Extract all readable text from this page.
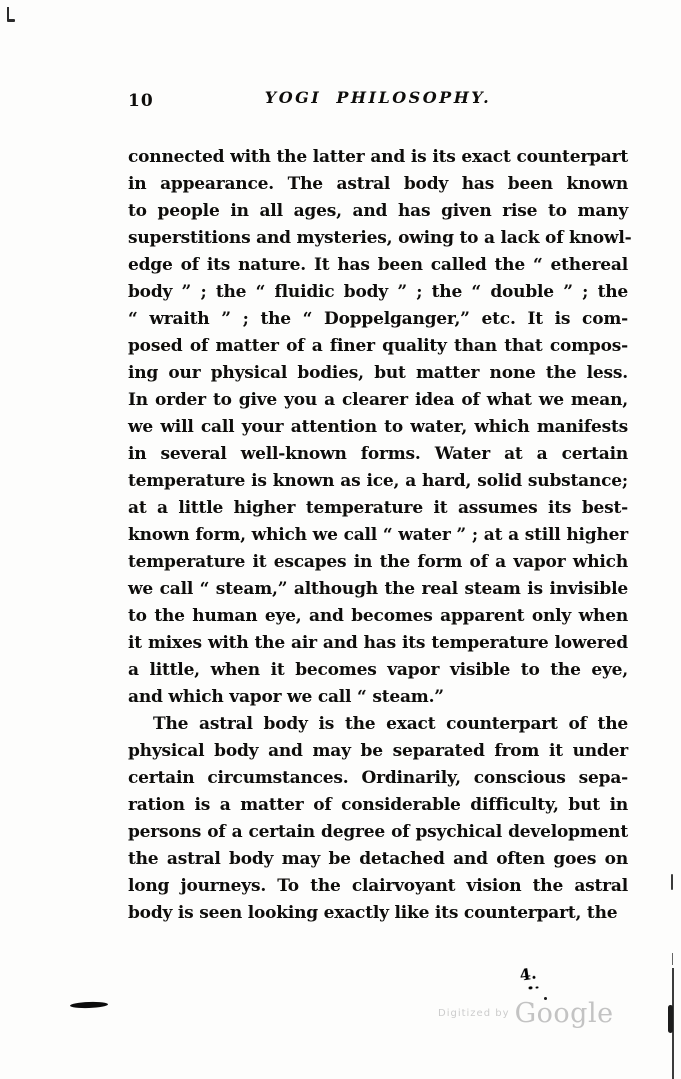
10	YOGI PHILOSOPHY.
connected with the latter and is its exact counterpart
in appearance. The astral body has been known
to people in all ages, and has given rise to many
superstitions and mysteries, owing to a lack of knowl-
edge of its nature. It has been called the “ ethereal
body ” ; the “ fluidic body ” ; the “ double ” ; the
“ wraith ” ; the “ Doppelganger,” etc. It is com-
posed of matter of a finer quality than that compos-
ing our physical bodies, but matter none the less.
In order to give you a clearer idea of what we mean,
we will call your attention to water, which manifests
in several well-known forms. Water at a certain
temperature is known as ice, a hard, solid substance;
at a little higher temperature it assumes its best-
known form, which we call “ water ” ; at a still higher
temperature it escapes in the form of a vapor which
we call “ steam,” although the real steam is invisible
to the human eye, and becomes apparent only when
it mixes with the air and has its temperature lowered
a little, when it becomes vapor visible to the eye,
and which vapor we call “ steam.”
The astral body is the exact counterpart of the
physical body and may be separated from it under
certain circumstances. Ordinarily, conscious sepa-
ration is a matter of considerable difficulty, but in
persons of a certain degree of psychical development
the astral body may be detached and often goes on
long journeys. To the clairvoyant vision the astral
body is seen looking exactly like its counterpart, the
4.
$^{Digitized by}$ Google
